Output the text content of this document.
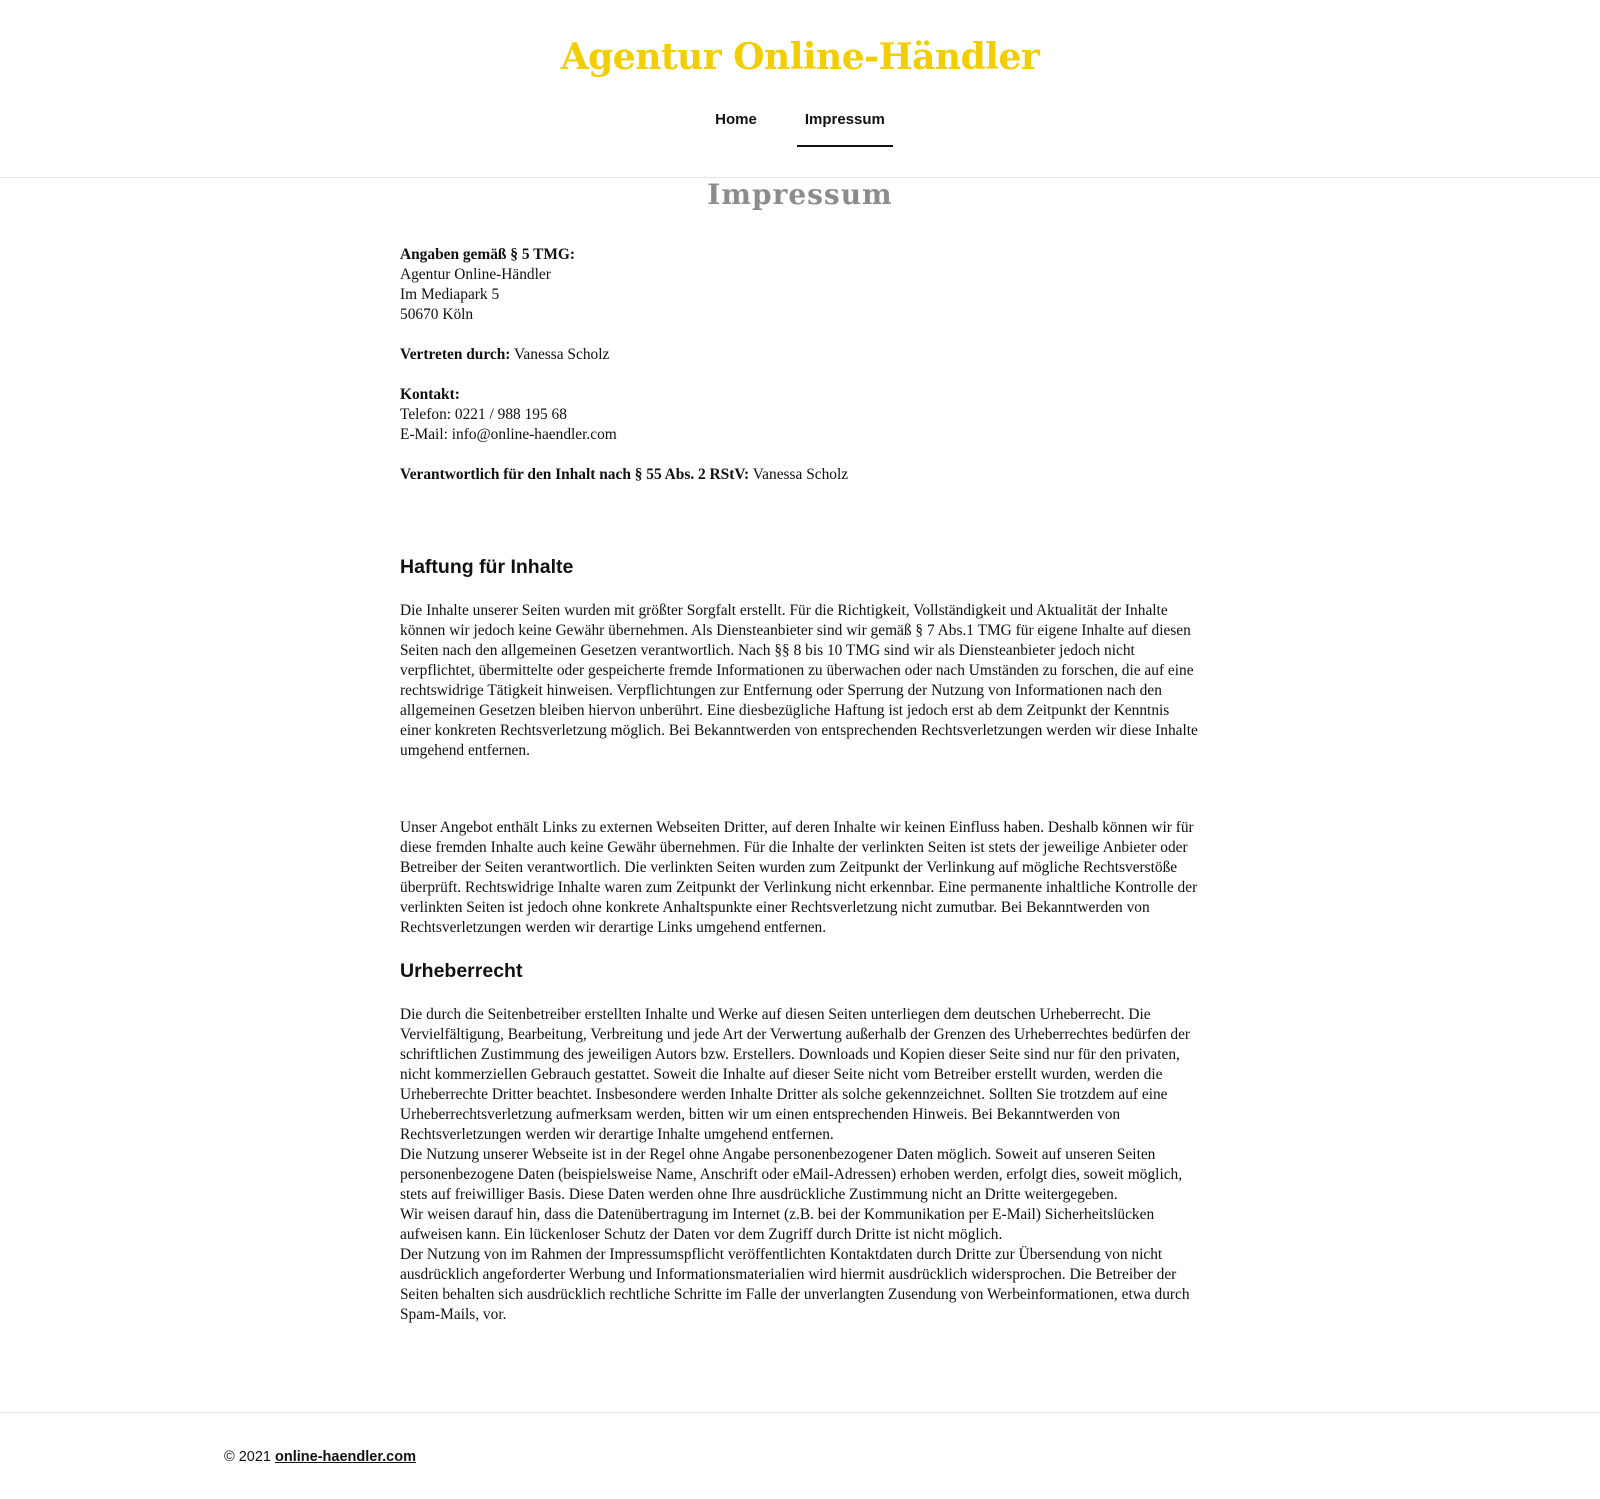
Agentur Online-Händler
Home	Impressum
Impressum

Angaben gemäß § 5 TMG:
Agentur Online-Händler
Im Mediapark 5
50670 Köln

Vertreten durch: Vanessa Scholz

Kontakt:
Telefon: 0221 / 988 195 68
E-Mail: info@online-haendler.com

Verantwortlich für den Inhalt nach § 55 Abs. 2 RStV: Vanessa Scholz

Haftung für Inhalte

Die Inhalte unserer Seiten wurden mit größter Sorgfalt erstellt. Für die Richtigkeit, Vollständigkeit und Aktualität der Inhalte können wir jedoch keine Gewähr übernehmen. Als Diensteanbieter sind wir gemäß § 7 Abs.1 TMG für eigene Inhalte auf diesen Seiten nach den allgemeinen Gesetzen verantwortlich. Nach §§ 8 bis 10 TMG sind wir als Diensteanbieter jedoch nicht verpflichtet, übermittelte oder gespeicherte fremde Informationen zu überwachen oder nach Umständen zu forschen, die auf eine rechtswidrige Tätigkeit hinweisen. Verpflichtungen zur Entfernung oder Sperrung der Nutzung von Informationen nach den allgemeinen Gesetzen bleiben hiervon unberührt. Eine diesbezügliche Haftung ist jedoch erst ab dem Zeitpunkt der Kenntnis einer konkreten Rechtsverletzung möglich. Bei Bekanntwerden von entsprechenden Rechtsverletzungen werden wir diese Inhalte umgehend entfernen.

Unser Angebot enthält Links zu externen Webseiten Dritter, auf deren Inhalte wir keinen Einfluss haben. Deshalb können wir für diese fremden Inhalte auch keine Gewähr übernehmen. Für die Inhalte der verlinkten Seiten ist stets der jeweilige Anbieter oder Betreiber der Seiten verantwortlich. Die verlinkten Seiten wurden zum Zeitpunkt der Verlinkung auf mögliche Rechtsverstöße überprüft. Rechtswidrige Inhalte waren zum Zeitpunkt der Verlinkung nicht erkennbar. Eine permanente inhaltliche Kontrolle der verlinkten Seiten ist jedoch ohne konkrete Anhaltspunkte einer Rechtsverletzung nicht zumutbar. Bei Bekanntwerden von Rechtsverletzungen werden wir derartige Links umgehend entfernen.

Urheberrecht

Die durch die Seitenbetreiber erstellten Inhalte und Werke auf diesen Seiten unterliegen dem deutschen Urheberrecht. Die Vervielfältigung, Bearbeitung, Verbreitung und jede Art der Verwertung außerhalb der Grenzen des Urheberrechtes bedürfen der schriftlichen Zustimmung des jeweiligen Autors bzw. Erstellers. Downloads und Kopien dieser Seite sind nur für den privaten, nicht kommerziellen Gebrauch gestattet. Soweit die Inhalte auf dieser Seite nicht vom Betreiber erstellt wurden, werden die Urheberrechte Dritter beachtet. Insbesondere werden Inhalte Dritter als solche gekennzeichnet. Sollten Sie trotzdem auf eine Urheberrechtsverletzung aufmerksam werden, bitten wir um einen entsprechenden Hinweis. Bei Bekanntwerden von Rechtsverletzungen werden wir derartige Inhalte umgehend entfernen.

Die Nutzung unserer Webseite ist in der Regel ohne Angabe personenbezogener Daten möglich. Soweit auf unseren Seiten personenbezogene Daten (beispielsweise Name, Anschrift oder eMail-Adressen) erhoben werden, erfolgt dies, soweit möglich, stets auf freiwilliger Basis. Diese Daten werden ohne Ihre ausdrückliche Zustimmung nicht an Dritte weitergegeben.

Wir weisen darauf hin, dass die Datenübertragung im Internet (z.B. bei der Kommunikation per E-Mail) Sicherheitslücken aufweisen kann. Ein lückenloser Schutz der Daten vor dem Zugriff durch Dritte ist nicht möglich.

Der Nutzung von im Rahmen der Impressumspflicht veröffentlichten Kontaktdaten durch Dritte zur Übersendung von nicht ausdrücklich angeforderter Werbung und Informationsmaterialien wird hiermit ausdrücklich widersprochen. Die Betreiber der Seiten behalten sich ausdrücklich rechtliche Schritte im Falle der unverlangten Zusendung von Werbeinformationen, etwa durch Spam-Mails, vor.

© 2021 online-haendler.com
